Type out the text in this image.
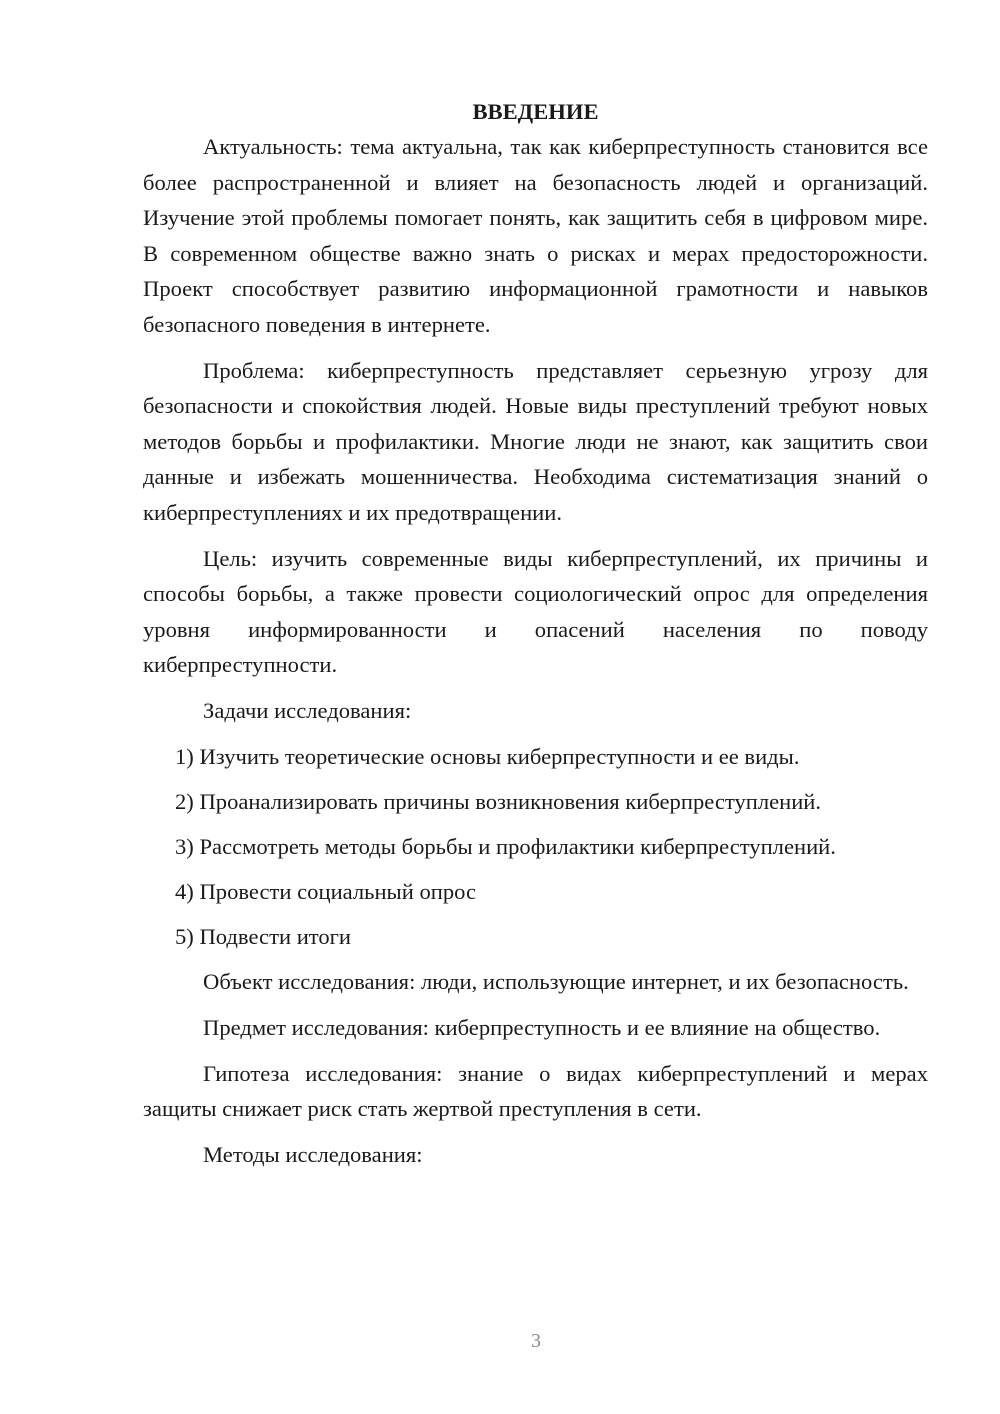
ВВЕДЕНИЕ

Актуальность: тема актуальна, так как киберпреступность становится все более распространенной и влияет на безопасность людей и организаций. Изучение этой проблемы помогает понять, как защитить себя в цифровом мире. В современном обществе важно знать о рисках и мерах предосторожности. Проект способствует развитию информационной грамотности и навыков безопасного поведения в интернете.

Проблема: киберпреступность представляет серьезную угрозу для безопасности и спокойствия людей. Новые виды преступлений требуют новых методов борьбы и профилактики. Многие люди не знают, как защитить свои данные и избежать мошенничества. Необходима систематизация знаний о киберпреступлениях и их предотвращении.

Цель: изучить современные виды киберпреступлений, их причины и способы борьбы, а также провести социологический опрос для определения уровня информированности и опасений населения по поводу киберпреступности.

Задачи исследования:

1) Изучить теоретические основы киберпреступности и ее виды.

2) Проанализировать причины возникновения киберпреступлений.

3) Рассмотреть методы борьбы и профилактики киберпреступлений.

4) Провести социальный опрос

5) Подвести итоги

Объект исследования: люди, использующие интернет, и их безопасность.

Предмет исследования: киберпреступность и ее влияние на общество.

Гипотеза исследования: знание о видах киберпреступлений и мерах защиты снижает риск стать жертвой преступления в сети.

Методы исследования:

3
